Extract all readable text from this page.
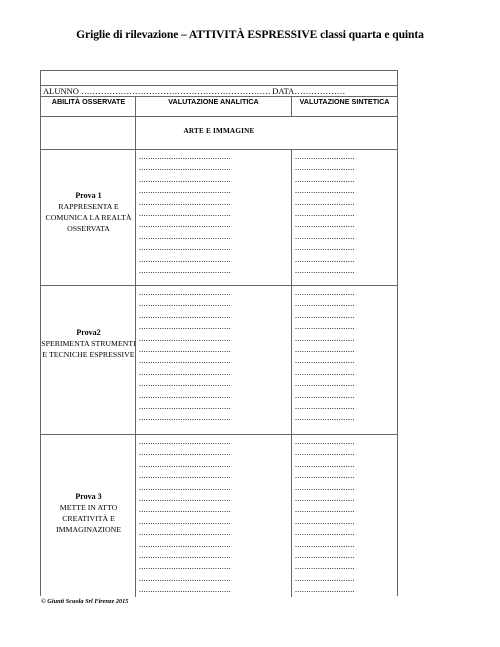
Griglie di rilevazione – ATTIVITÀ ESPRESSIVE classi quarta e quinta
ALUNNO …………………………………………………………. DATA………………
ABILITÀ OSSERVATE	VALUTAZIONE ANALITICA	VALUTAZIONE SINTETICA
ARTE E IMMAGINE
Prova 1
RAPPRESENTA E COMUNICA LA REALTÀ OSSERVATA
........................................
........................................
........................................
........................................
........................................
........................................
........................................
........................................
........................................
........................................
........................................
..........................
..........................
..........................
..........................
..........................
..........................
..........................
..........................
..........................
..........................
..........................
Prova2
SPERIMENTA STRUMENTI E TECNICHE ESPRESSIVE
........................................
........................................
........................................
........................................
........................................
........................................
........................................
........................................
........................................
........................................
........................................
........................................
..........................
..........................
..........................
..........................
..........................
..........................
..........................
..........................
..........................
..........................
..........................
..........................
Prova 3
METTE IN ATTO CREATIVITÀ E IMMAGINAZIONE
........................................
........................................
........................................
........................................
........................................
........................................
........................................
........................................
........................................
........................................
........................................
........................................
........................................
........................................
..........................
..........................
..........................
..........................
..........................
..........................
..........................
..........................
..........................
..........................
..........................
..........................
..........................
..........................
© Giunti Scuola Srl Firenze 2015
